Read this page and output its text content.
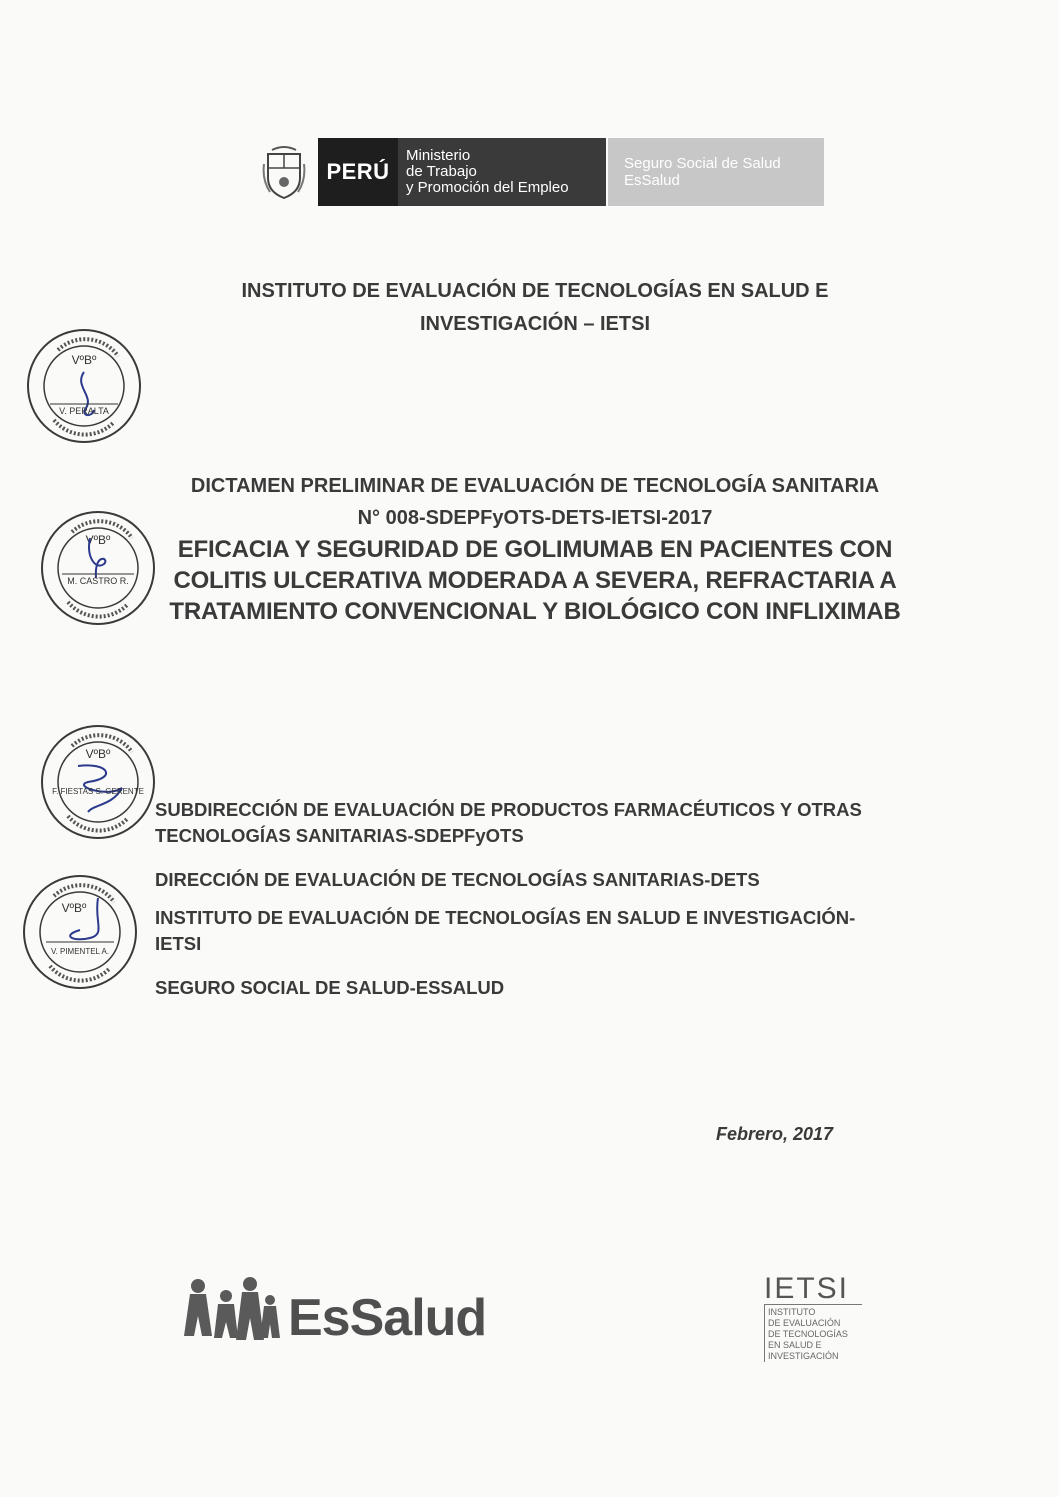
PERÚ
Ministerio
de Trabajo
y Promoción del Empleo
Seguro Social de Salud
EsSalud
INSTITUTO DE EVALUACIÓN DE TECNOLOGÍAS EN SALUD E
INVESTIGACIÓN – IETSI
DICTAMEN PRELIMINAR DE EVALUACIÓN DE TECNOLOGÍA SANITARIA
N° 008-SDEPFyOTS-DETS-IETSI-2017
EFICACIA Y SEGURIDAD DE GOLIMUMAB EN PACIENTES CON
COLITIS ULCERATIVA MODERADA A SEVERA, REFRACTARIA A
TRATAMIENTO CONVENCIONAL Y BIOLÓGICO CON INFLIXIMAB

SUBDIRECCIÓN DE EVALUACIÓN DE PRODUCTOS FARMACÉUTICOS Y OTRAS

TECNOLOGÍAS SANITARIAS-SDEPFyOTS

DIRECCIÓN DE EVALUACIÓN DE TECNOLOGÍAS SANITARIAS-DETS

INSTITUTO DE EVALUACIÓN DE TECNOLOGÍAS EN SALUD E INVESTIGACIÓN-

IETSI

SEGURO SOCIAL DE SALUD-ESSALUD

Febrero, 2017
VºBº
V. PERALTA
VºBº
M. CASTRO R.
VºBº
F. FIESTAS S. GERENTE
VºBº
V. PIMENTEL A.
EsSalud
IETSI
INSTITUTO
DE EVALUACIÓN
DE TECNOLOGÍAS
EN SALUD E
INVESTIGACIÓN
